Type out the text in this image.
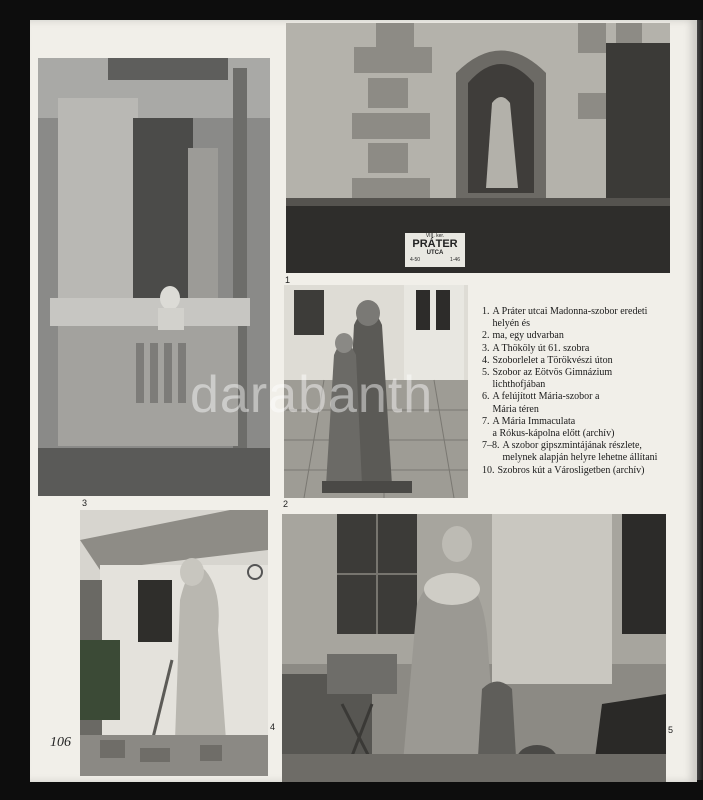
3
VIII. ker.
PRÁTER
UTCA
4-50	1-46
1
2
1. A Práter utcai Madonna-szobor eredeti
helyén és
2. ma, egy udvarban
3. A Thököly út 61. szobra
4. Szoborlelet a Törökvészi úton
5. Szobor az Eötvös Gimnázium
lichthofjában
6. A felújított Mária-szobor a
Mária téren
7. A Mária Immaculata
a Rókus-kápolna előtt (archív)
7–8. A szobor gipszmintájának részlete,
melynek alapján helyre lehetne állítani
10. Szobros kút a Városligetben (archív)
4	5
106
darabanth
